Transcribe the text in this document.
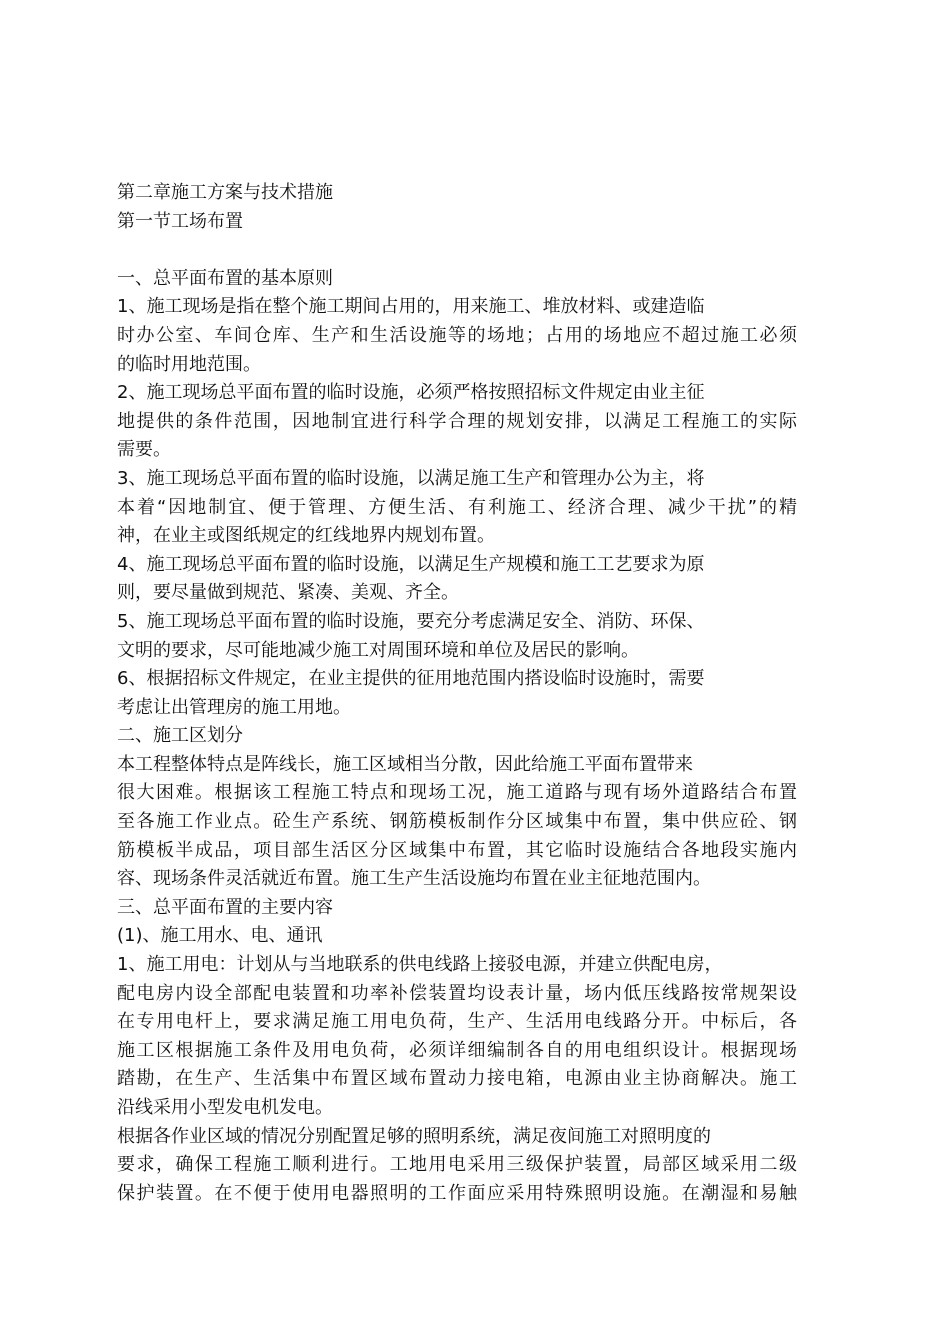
第二章施工方案与技术措施

第一节工场布置

一、总平面布置的基本原则

1、施工现场是指在整个施工期间占用的，用来施工、堆放材料、或建造临

时办公室、车间仓库、生产和生活设施等的场地；占用的场地应不超过施工必须

的临时用地范围。

2、施工现场总平面布置的临时设施，必须严格按照招标文件规定由业主征

地提供的条件范围，因地制宜进行科学合理的规划安排，以满足工程施工的实际

需要。

3、施工现场总平面布置的临时设施，以满足施工生产和管理办公为主，将

本着“因地制宜、便于管理、方便生活、有利施工、经济合理、减少干扰”的精

神，在业主或图纸规定的红线地界内规划布置。

4、施工现场总平面布置的临时设施，以满足生产规模和施工工艺要求为原

则，要尽量做到规范、紧凑、美观、齐全。

5、施工现场总平面布置的临时设施，要充分考虑满足安全、消防、环保、

文明的要求，尽可能地减少施工对周围环境和单位及居民的影响。

6、根据招标文件规定，在业主提供的征用地范围内搭设临时设施时，需要

考虑让出管理房的施工用地。

二、施工区划分

本工程整体特点是阵线长，施工区域相当分散，因此给施工平面布置带来

很大困难。根据该工程施工特点和现场工况，施工道路与现有场外道路结合布置

至各施工作业点。砼生产系统、钢筋模板制作分区域集中布置，集中供应砼、钢

筋模板半成品，项目部生活区分区域集中布置，其它临时设施结合各地段实施内

容、现场条件灵活就近布置。施工生产生活设施均布置在业主征地范围内。

三、总平面布置的主要内容

(1)、施工用水、电、通讯

1、施工用电：计划从与当地联系的供电线路上接驳电源，并建立供配电房，

配电房内设全部配电装置和功率补偿装置均设表计量，场内低压线路按常规架设

在专用电杆上，要求满足施工用电负荷，生产、生活用电线路分开。中标后，各

施工区根据施工条件及用电负荷，必须详细编制各自的用电组织设计。根据现场

踏勘，在生产、生活集中布置区域布置动力接电箱，电源由业主协商解决。施工

沿线采用小型发电机发电。

根据各作业区域的情况分别配置足够的照明系统，满足夜间施工对照明度的

要求，确保工程施工顺利进行。工地用电采用三级保护装置，局部区域采用二级

保护装置。在不便于使用电器照明的工作面应采用特殊照明设施。在潮湿和易触
